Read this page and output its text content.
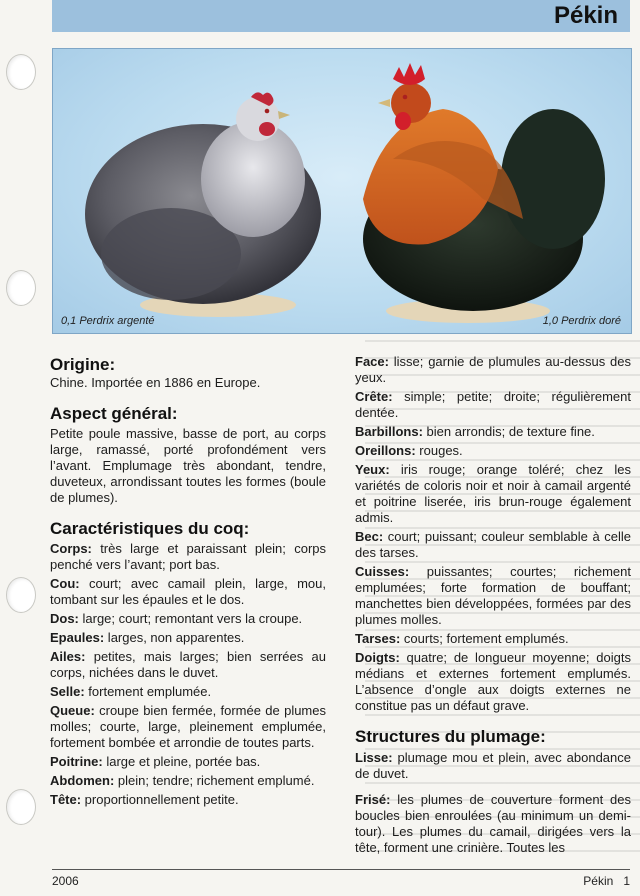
Pékin
0,1 Perdrix argenté	1,0 Perdrix doré
Origine:

Chine. Importée en 1886 en Europe.

Aspect général:

Petite poule massive, basse de port, au corps large, ramassé, porté profondément vers l’avant. Emplumage très abondant, tendre, duveteux, arrondissant toutes les formes (boule de plumes).

Caractéristiques du coq:

Corps: très large et paraissant plein; corps penché vers l’avant; port bas.

Cou: court; avec camail plein, large, mou, tombant sur les épaules et le dos.

Dos: large; court; remontant vers la croupe.

Epaules: larges, non apparentes.

Ailes: petites, mais larges; bien serrées au corps, nichées dans le duvet.

Selle: fortement emplumée.

Queue: croupe bien fermée, formée de plumes molles; courte, large, pleinement emplumée, fortement bombée et arrondie de toutes parts.

Poitrine: large et pleine, portée bas.

Abdomen: plein; tendre; richement emplumé.

Tête: proportionnellement petite.

Face: lisse; garnie de plumules au-dessus des yeux.

Crête: simple; petite; droite; régulièrement dentée.

Barbillons: bien arrondis; de texture fine.

Oreillons: rouges.

Yeux: iris rouge; orange toléré; chez les variétés de coloris noir et noir à camail argenté et poitrine liserée, iris brun-rouge également admis.

Bec: court; puissant; couleur semblable à celle des tarses.

Cuisses: puissantes; courtes; richement emplumées; forte formation de bouffant; manchettes bien développées, formées par des plumes molles.

Tarses: courts; fortement emplumés.

Doigts: quatre; de longueur moyenne; doigts médians et externes fortement emplumés. L’absence d’ongle aux doigts externes ne constitue pas un défaut grave.

Structures du plumage:

Lisse: plumage mou et plein, avec abondance de duvet.

Frisé: les plumes de couverture forment des boucles bien enroulées (au minimum un demi-tour). Les plumes du camail, dirigées vers la tête, forment une crinière. Toutes les

2006	Pékin 1
